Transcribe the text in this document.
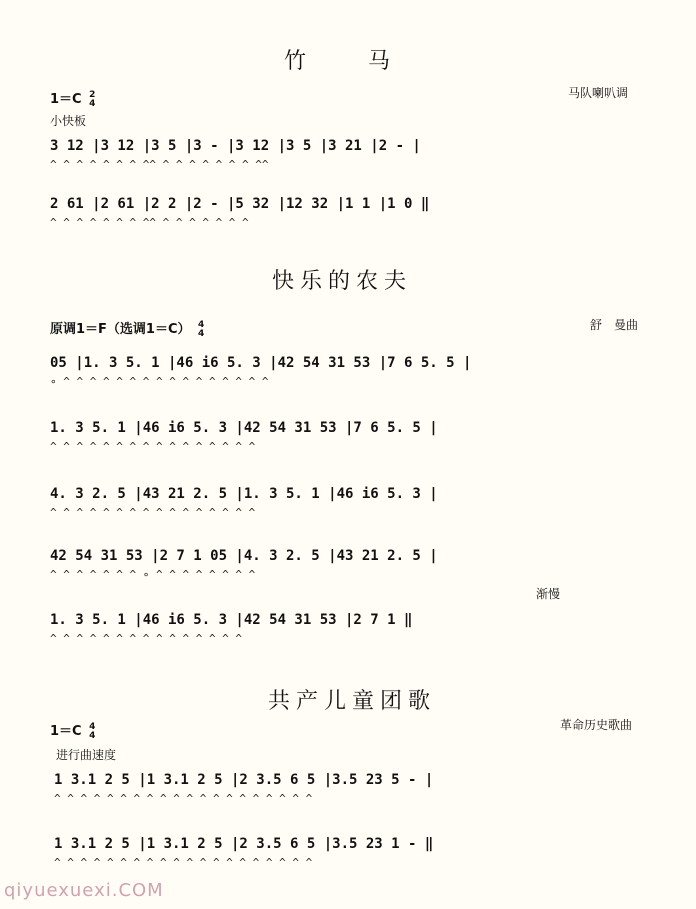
竹　　马
1＝C 2
4
马队喇叭调
小快板
3 12 |3 12 |3 5 |3 - |3 12 |3 5 |3 21 |2 - |
^ ^ ^ ^ ^ ^ ^ ^^ ^ ^ ^ ^ ^ ^ ^ ^^
2 61 |2 61 |2 2 |2 - |5 32 |12 32 |1 1 |1 0 ‖
^ ^ ^ ^ ^ ^ ^ ^^ ^ ^ ^ ^ ^ ^ ^
快乐的农夫
原调1＝F（选调1＝C） 4
4
舒　曼曲
05 |1. 3 5. 1 |46 i6 5. 3 |42 54 31 53 |7 6 5. 5 |
∘ ^ ^ ^ ^ ^ ^ ^ ^ ^ ^ ^ ^ ^ ^ ^ ^
1. 3 5. 1 |46 i6 5. 3 |42 54 31 53 |7 6 5. 5 |
^ ^ ^ ^ ^ ^ ^ ^ ^ ^ ^ ^ ^ ^ ^ ^
4. 3 2. 5 |43 21 2. 5 |1. 3 5. 1 |46 i6 5. 3 |
^ ^ ^ ^ ^ ^ ^ ^ ^ ^ ^ ^ ^ ^ ^ ^
42 54 31 53 |2 7 1 05 |4. 3 2. 5 |43 21 2. 5 |
^ ^ ^ ^ ^ ^ ^ ∘ ^ ^ ^ ^ ^ ^ ^ ^
渐慢
1. 3 5. 1 |46 i6 5. 3 |42 54 31 53 |2 7 1 ‖
^ ^ ^ ^ ^ ^ ^ ^ ^ ^ ^ ^ ^ ^ ^
共产儿童团歌
1＝C 4
4
革命历史歌曲
进行曲速度
1 3.1 2 5 |1 3.1 2 5 |2 3.5 6 5 |3.5 23 5 - |
^ ^ ^ ^ ^ ^ ^ ^ ^ ^ ^ ^ ^ ^ ^ ^ ^ ^ ^ ^
1 3.1 2 5 |1 3.1 2 5 |2 3.5 6 5 |3.5 23 1 - ‖
^ ^ ^ ^ ^ ^ ^ ^ ^ ^ ^ ^ ^ ^ ^ ^ ^ ^ ^ ^
qiyuexuexi.COM
